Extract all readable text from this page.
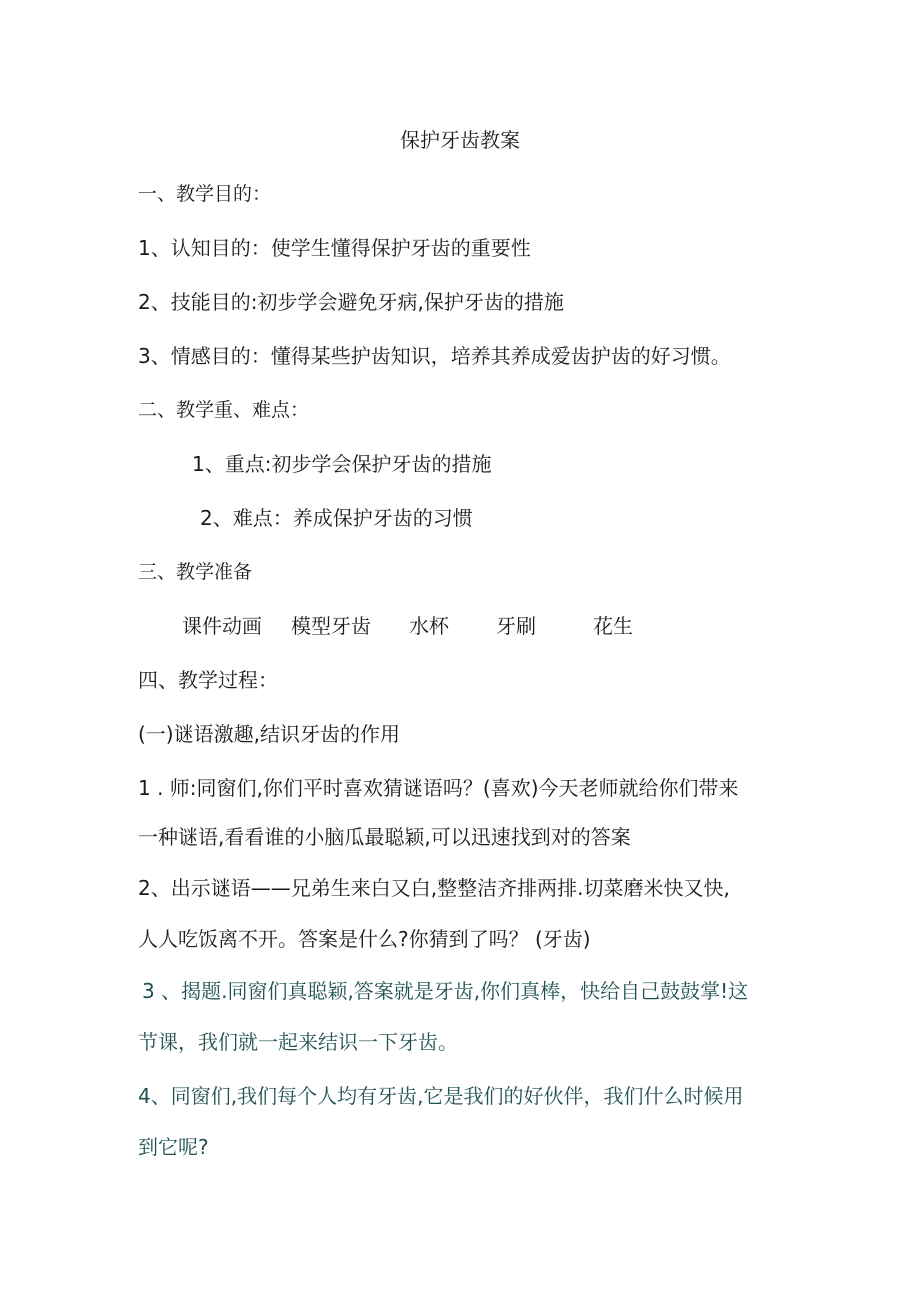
保护牙齿教案
一、教学目的：
1、认知目的：使学生懂得保护牙齿的重要性
2、技能目的:初步学会避免牙病,保护牙齿的措施
3、情感目的：懂得某些护齿知识，培养其养成爱齿护齿的好习惯。
二、教学重、难点：
1、重点:初步学会保护牙齿的措施
2、难点：养成保护牙齿的习惯
三、教学准备
课件动画 模型牙齿 水杯 牙刷	花生
四、教学过程：
(一)谜语激趣,结识牙齿的作用
1 . 师:同窗们,你们平时喜欢猜谜语吗？(喜欢)今天老师就给你们带来
一种谜语,看看谁的小脑瓜最聪颖,可以迅速找到对的答案
2、出示谜语——兄弟生来白又白,整整洁齐排两排.切菜磨米快又快,
人人吃饭离不开。答案是什么?你猜到了吗？ (牙齿)
3 、揭题.同窗们真聪颖,答案就是牙齿,你们真棒，快给自己鼓鼓掌!这
节课，我们就一起来结识一下牙齿。
4、同窗们,我们每个人均有牙齿,它是我们的好伙伴，我们什么时候用
到它呢?
